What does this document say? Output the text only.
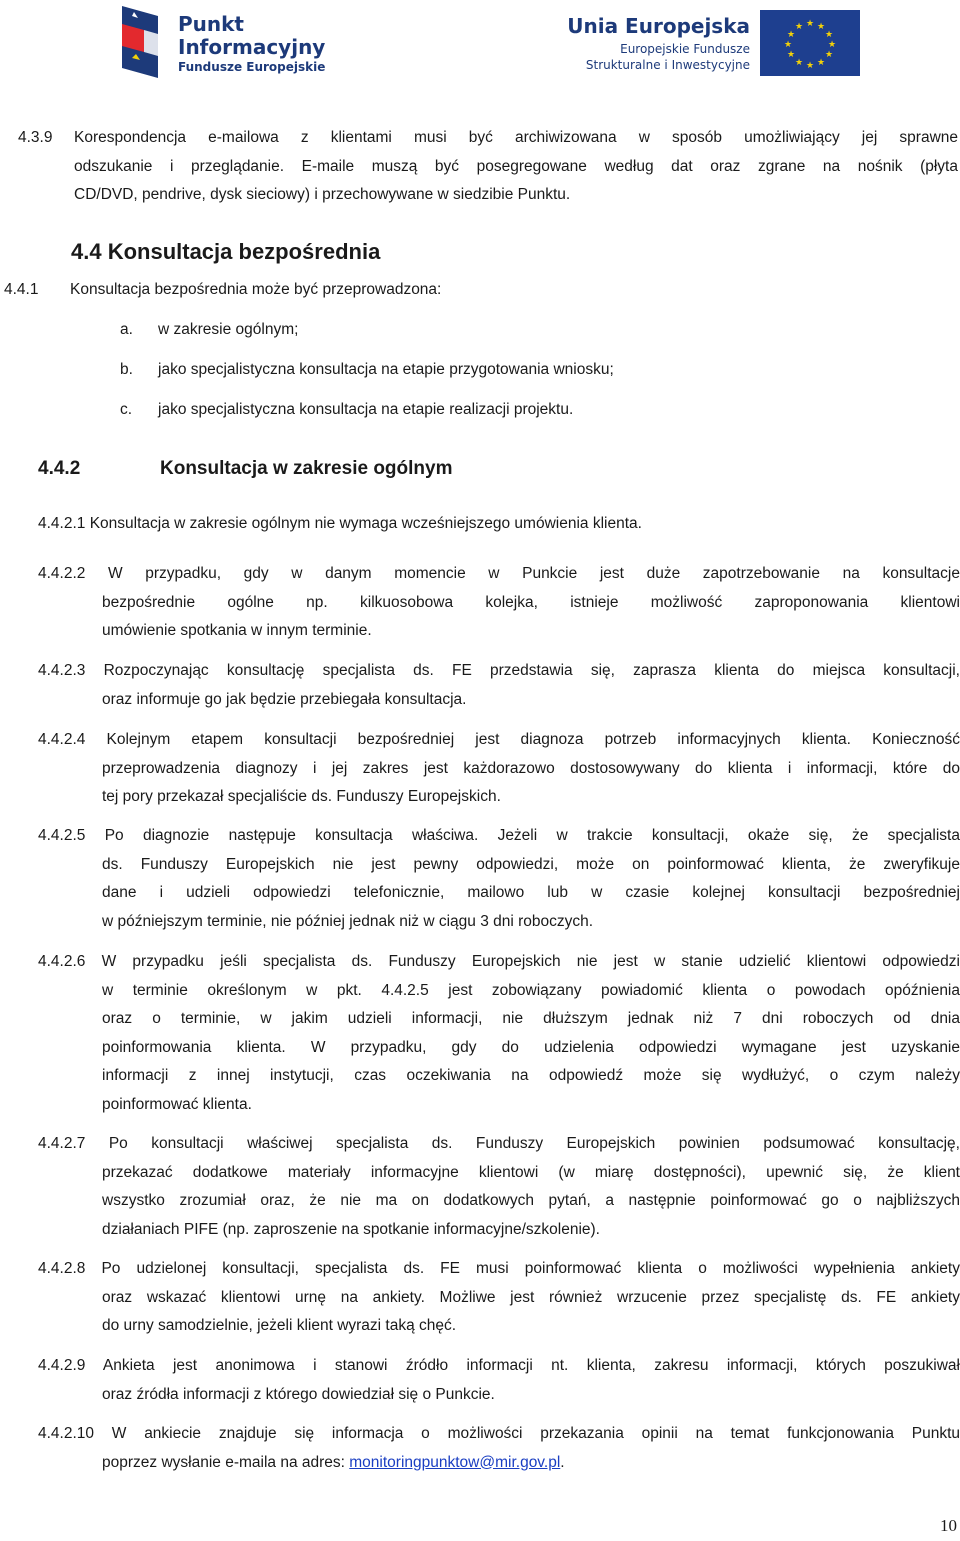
Punkt
Informacyjny
Fundusze Europejskie
Unia Europejska
Europejskie Fundusze
Strukturalne i Inwestycyjne
★ ★
★
★
★
★
★
★
★
★
★
★
4.3.9 Korespondencja e-mailowa z klientami musi być archiwizowana w sposób umożliwiający jej sprawne
odszukanie i przeglądanie. E-maile muszą być posegregowane według dat oraz zgrane na nośnik (płyta
CD/DVD, pendrive, dysk sieciowy) i przechowywane w siedzibie Punktu.
4.4 Konsultacja bezpośrednia
4.4.1 Konsultacja bezpośrednia może być przeprowadzona:
a. w zakresie ogólnym;
b. jako specjalistyczna konsultacja na etapie przygotowania wniosku;
c. jako specjalistyczna konsultacja na etapie realizacji projektu.
4.4.2	Konsultacja w zakresie ogólnym
4.4.2.1 Konsultacja w zakresie ogólnym nie wymaga wcześniejszego umówienia klienta.
4.4.2.2 W przypadku, gdy w danym momencie w Punkcie jest duże zapotrzebowanie na konsultacje
bezpośrednie ogólne np. kilkuosobowa kolejka, istnieje możliwość zaproponowania klientowi
umówienie spotkania w innym terminie.
4.4.2.3 Rozpoczynając konsultację specjalista ds. FE przedstawia się, zaprasza klienta do miejsca konsultacji,
oraz informuje go jak będzie przebiegała konsultacja.
4.4.2.4 Kolejnym etapem konsultacji bezpośredniej jest diagnoza potrzeb informacyjnych klienta. Konieczność
przeprowadzenia diagnozy i jej zakres jest każdorazowo dostosowywany do klienta i informacji, które do
tej pory przekazał specjaliście ds. Funduszy Europejskich.
4.4.2.5 Po diagnozie następuje konsultacja właściwa. Jeżeli w trakcie konsultacji, okaże się, że specjalista
ds. Funduszy Europejskich nie jest pewny odpowiedzi, może on poinformować klienta, że zweryfikuje
dane i udzieli odpowiedzi telefonicznie, mailowo lub w czasie kolejnej konsultacji bezpośredniej
w późniejszym terminie, nie później jednak niż w ciągu 3 dni roboczych.
4.4.2.6 W przypadku jeśli specjalista ds. Funduszy Europejskich nie jest w stanie udzielić klientowi odpowiedzi
w terminie określonym w pkt. 4.4.2.5 jest zobowiązany powiadomić klienta o powodach opóźnienia
oraz o terminie, w jakim udzieli informacji, nie dłuższym jednak niż 7 dni roboczych od dnia
poinformowania klienta. W przypadku, gdy do udzielenia odpowiedzi wymagane jest uzyskanie
informacji z innej instytucji, czas oczekiwania na odpowiedź może się wydłużyć, o czym należy
poinformować klienta.
4.4.2.7 Po konsultacji właściwej specjalista ds. Funduszy Europejskich powinien podsumować konsultację,
przekazać dodatkowe materiały informacyjne klientowi (w miarę dostępności), upewnić się, że klient
wszystko zrozumiał oraz, że nie ma on dodatkowych pytań, a następnie poinformować go o najbliższych
działaniach PIFE (np. zaproszenie na spotkanie informacyjne/szkolenie).
4.4.2.8 Po udzielonej konsultacji, specjalista ds. FE musi poinformować klienta o możliwości wypełnienia ankiety
oraz wskazać klientowi urnę na ankiety. Możliwe jest również wrzucenie przez specjalistę ds. FE ankiety
do urny samodzielnie, jeżeli klient wyrazi taką chęć.
4.4.2.9 Ankieta jest anonimowa i stanowi źródło informacji nt. klienta, zakresu informacji, których poszukiwał
oraz źródła informacji z którego dowiedział się o Punkcie.
4.4.2.10 W ankiecie znajduje się informacja o możliwości przekazania opinii na temat funkcjonowania Punktu
poprzez wysłanie e-maila na adres: monitoringpunktow@mir.gov.pl.
10
